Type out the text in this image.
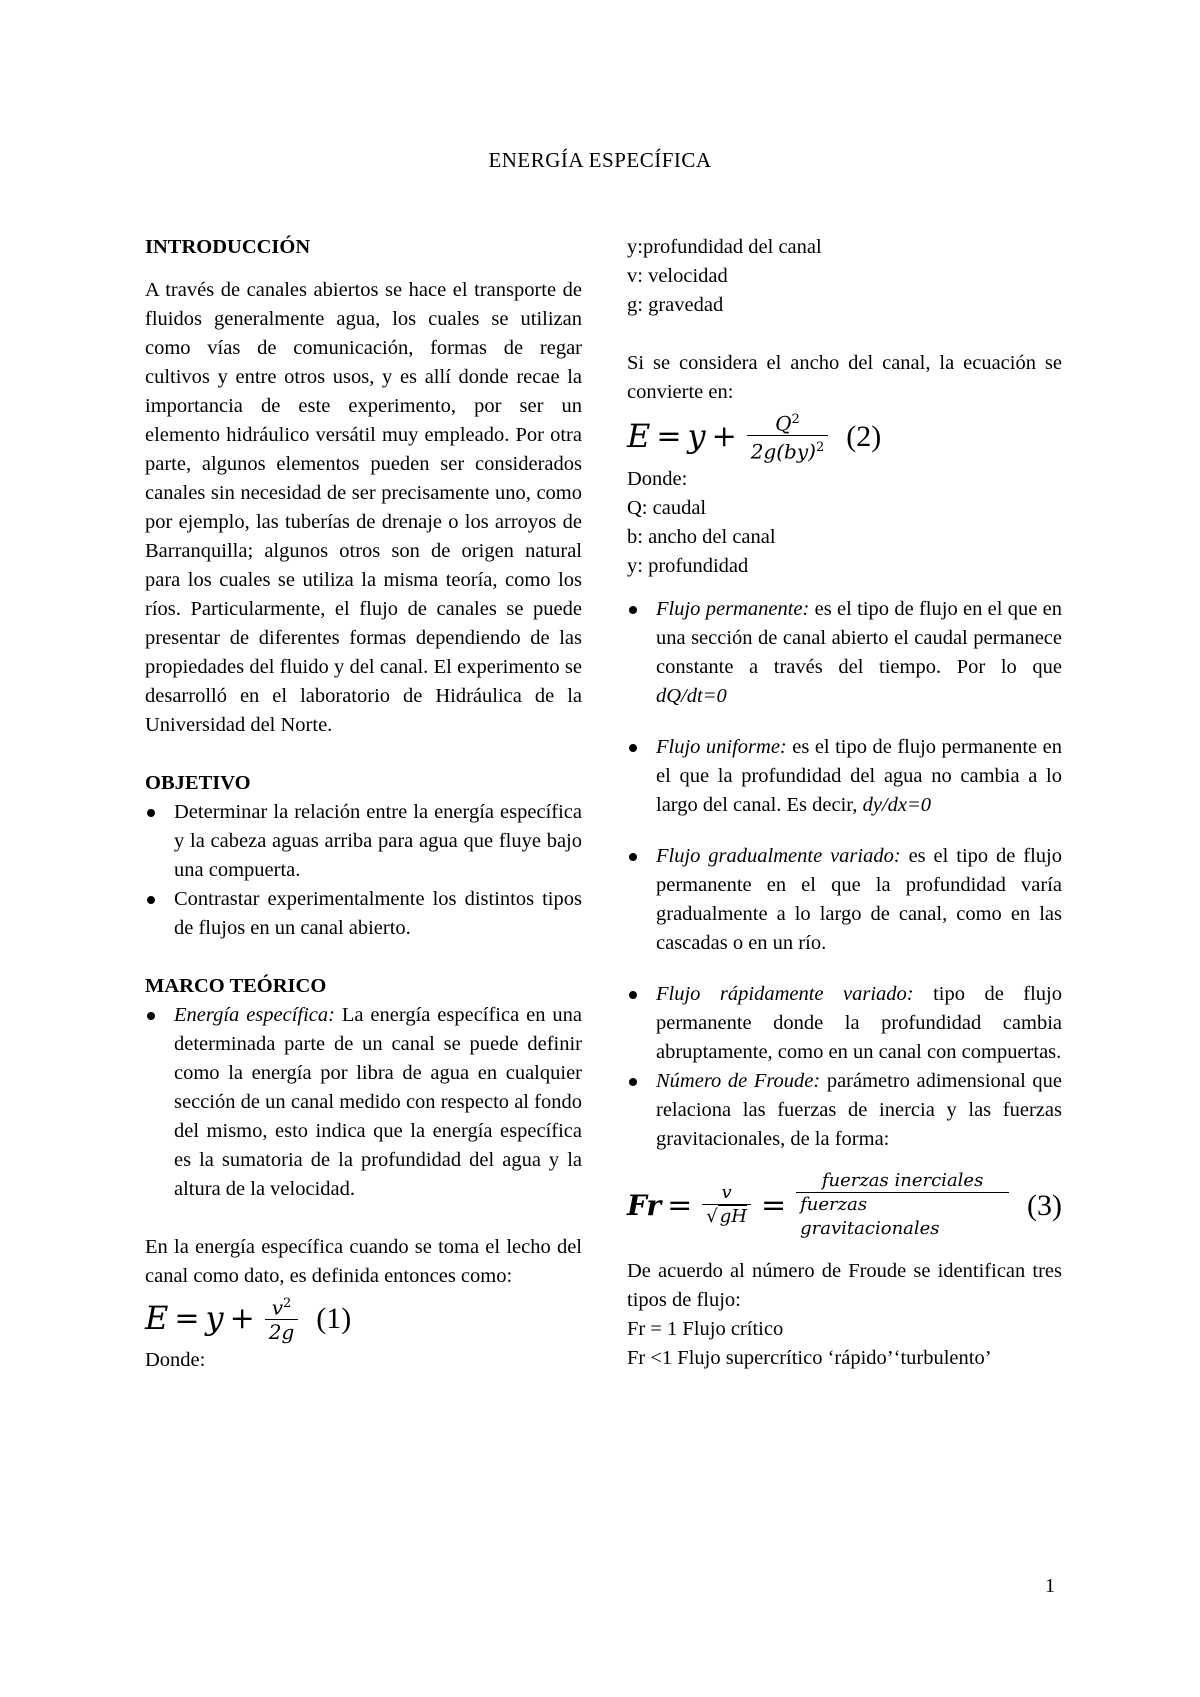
ENERGÍA ESPECÍFICA

INTRODUCCIÓN

A través de canales abiertos se hace el transporte de fluidos generalmente agua, los cuales se utilizan como vías de comunicación, formas de regar cultivos y entre otros usos, y es allí donde recae la importancia de este experimento, por ser un elemento hidráulico versátil muy empleado. Por otra parte, algunos elementos pueden ser considerados canales sin necesidad de ser precisamente uno, como por ejemplo, las tuberías de drenaje o los arroyos de Barranquilla; algunos otros son de origen natural para los cuales se utiliza la misma teoría, como los ríos. Particularmente, el flujo de canales se puede presentar de diferentes formas dependiendo de las propiedades del fluido y del canal. El experimento se desarrolló en el laboratorio de Hidráulica de la Universidad del Norte.

OBJETIVO

Determinar la relación entre la energía específica y la cabeza aguas arriba para agua que fluye bajo una compuerta.
Contrastar experimentalmente los distintos tipos de flujos en un canal abierto.

MARCO TEÓRICO

Energía específica: La energía específica en una determinada parte de un canal se puede definir como la energía por libra de agua en cualquier sección de un canal medido con respecto al fondo del mismo, esto indica que la energía específica es la sumatoria de la profundidad del agua y la altura de la velocidad.

En la energía específica cuando se toma el lecho del canal como dato, es definida entonces como:

$E = y + \frac{v^2}{2g} (1)$

Donde:

y:profundidad del canal

v: velocidad

g: gravedad

Si se considera el ancho del canal, la ecuación se convierte en:

$E = y + \frac{Q^2}{2g(by)^2} (2)$

Donde:

Q: caudal

b: ancho del canal

y: profundidad

Flujo permanente: es el tipo de flujo en el que en una sección de canal abierto el caudal permanece constante a través del tiempo. Por lo que dQ/dt=0
Flujo uniforme: es el tipo de flujo permanente en el que la profundidad del agua no cambia a lo largo del canal. Es decir, dy/dx=0
Flujo gradualmente variado: es el tipo de flujo permanente en el que la profundidad varía gradualmente a lo largo de canal, como en las cascadas o en un río.
Flujo rápidamente variado: tipo de flujo permanente donde la profundidad cambia abruptamente, como en un canal con compuertas.
Número de Froude: parámetro adimensional que relaciona las fuerzas de inercia y las fuerzas gravitacionales, de la forma:
$Fr = \frac{v}{√ gH} = \frac{\text{fuerzas inerciales}}{\text{fuerzas gravitacionales}} (3)$

De acuerdo al número de Froude se identifican tres tipos de flujo:

Fr = 1 Flujo crítico

Fr <1 Flujo supercrítico ‘rápido’‘turbulento’

1
